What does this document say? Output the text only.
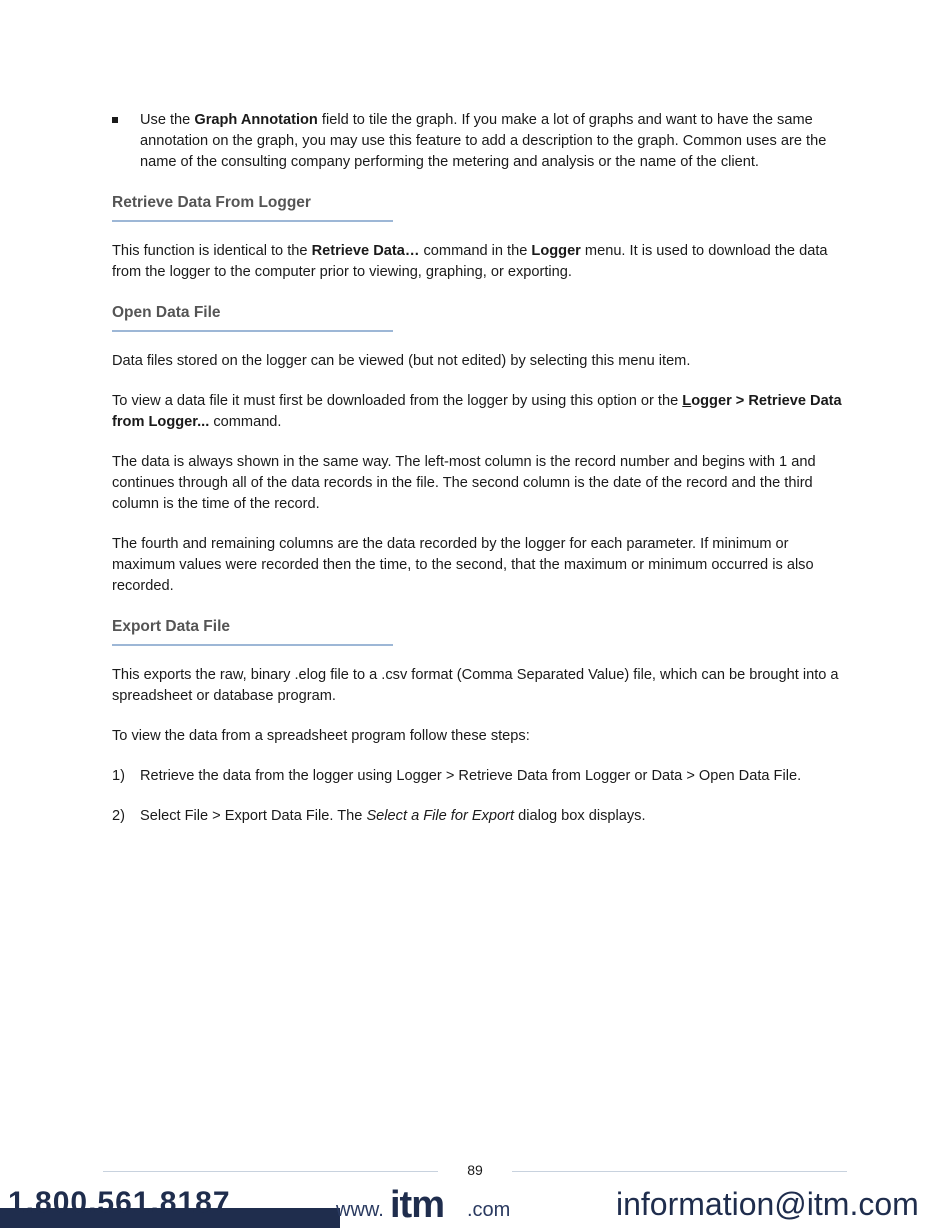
Use the Graph Annotation field to tile the graph. If you make a lot of graphs and want to have the same annotation on the graph, you may use this feature to add a description to the graph. Common uses are the name of the consulting company performing the metering and analysis or the name of the client.
Retrieve Data From Logger

This function is identical to the Retrieve Data… command in the Logger menu. It is used to download the data from the logger to the computer prior to viewing, graphing, or exporting.

Open Data File

Data files stored on the logger can be viewed (but not edited) by selecting this menu item.

To view a data file it must first be downloaded from the logger by using this option or the Logger > Retrieve Data from Logger... command.

The data is always shown in the same way. The left-most column is the record number and begins with 1 and continues through all of the data records in the file. The second column is the date of the record and the third column is the time of the record.

The fourth and remaining columns are the data recorded by the logger for each parameter. If minimum or maximum values were recorded then the time, to the second, that the maximum or minimum occurred is also recorded.

Export Data File

This exports the raw, binary .elog file to a .csv format (Comma Separated Value) file, which can be brought into a spreadsheet or database program.

To view the data from a spreadsheet program follow these steps:

1) Retrieve the data from the logger using Logger > Retrieve Data from Logger or Data > Open Data File.
2) Select File > Export Data File. The Select a File for Export dialog box displays.
89
1.800.561.8187	www. itm .com	information@itm.com
